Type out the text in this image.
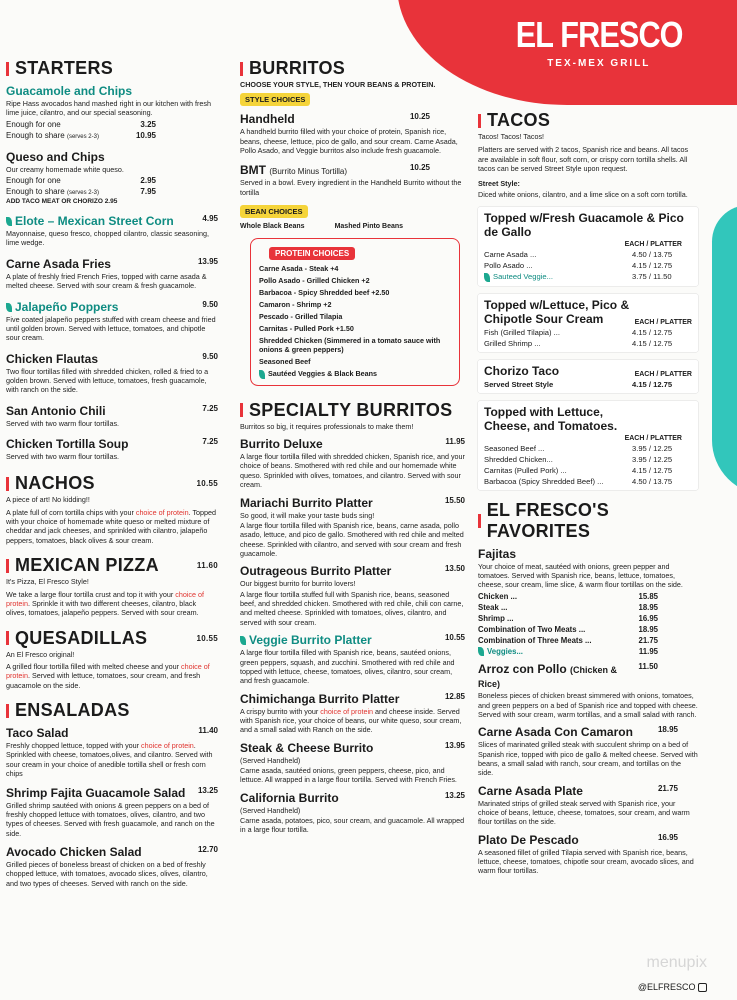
EL FRESCO
TEX-MEX GRILL
STARTERS
Guacamole and Chips
Ripe Hass avocados hand mashed right in our kitchen with fresh lime juice, cilantro, and our special seasoning.
Enough for one	3.25
Enough to share (serves 2-3)	10.95
Queso and Chips
Our creamy homemade white queso.
Enough for one	2.95
Enough to share (serves 2-3)	7.95
ADD TACO MEAT OR CHORIZO 2.95
Elote – Mexican Street Corn	4.95
Mayonnaise, queso fresco, chopped cilantro, classic seasoning, lime wedge.
Carne Asada Fries	13.95
A plate of freshly fried French Fries, topped with carne asada & melted cheese. Served with sour cream & fresh guacamole.
Jalapeño Poppers	9.50
Five coated jalapeño peppers stuffed with cream cheese and fried until golden brown. Served with lettuce, tomatoes, and chipotle sour cream.
Chicken Flautas	9.50
Two flour tortillas filled with shredded chicken, rolled & fried to a golden brown. Served with lettuce, tomatoes, fresh guacamole, with ranch on the side.
San Antonio Chili	7.25
Served with two warm flour tortillas.
Chicken Tortilla Soup	7.25
Served with two warm flour tortillas.
NACHOS	10.55
A piece of art! No kidding!!
A plate full of corn tortilla chips with your choice of protein. Topped with your choice of homemade white queso or melted mixture of cheddar and jack cheeses, and sprinkled with cilantro, jalapeño peppers, tomatoes, black olives & sour cream.
MEXICAN PIZZA	11.60
It's Pizza, El Fresco Style!
We take a large flour tortilla crust and top it with your choice of protein. Sprinkle it with two different cheeses, cilantro, black olives, tomatoes, jalapeño peppers. Served with sour cream.
QUESADILLAS	10.55
An El Fresco original!
A grilled flour tortilla filled with melted cheese and your choice of protein. Served with lettuce, tomatoes, sour cream, and fresh guacamole on the side.
ENSALADAS
Taco Salad	11.40
Freshly chopped lettuce, topped with your choice of protein. Sprinkled with cheese, tomatoes,olives, and cilantro. Served with sour cream in your choice of anedible tortilla shell or fresh corn chips
Shrimp Fajita Guacamole Salad 13.25
Grilled shrimp sautéed with onions & green peppers on a bed of freshly chopped lettuce with tomatoes, olives, cilantro, and two types of cheeses. Served with fresh guacamole, and ranch on the side.
Avocado Chicken Salad	12.70
Grilled pieces of boneless breast of chicken on a bed of freshly chopped lettuce, with tomatoes, avocado slices, olives, cilantro, and two types of cheeses. Served with ranch on the side.
BURRITOS
CHOOSE YOUR STYLE, THEN YOUR BEANS & PROTEIN.
STYLE CHOICES
Handheld	10.25
A handheld burrito filled with your choice of protein, Spanish rice, beans, cheese, lettuce, pico de gallo, and sour cream. Carne Asada, Pollo Asado, and Veggie burritos also include fresh guacamole.
BMT (Burrito Minus Tortilla)	10.25
Served in a bowl. Every ingredient in the Handheld Burrito without the tortilla
BEAN CHOICES
Whole Black Beans	Mashed Pinto Beans
PROTEIN CHOICES
Carne Asada - Steak +4
Pollo Asado - Grilled Chicken +2
Barbacoa - Spicy Shredded beef +2.50
Camaron - Shrimp +2
Pescado - Grilled Tilapia
Carnitas - Pulled Pork +1.50
Shredded Chicken (Simmered in a tomato sauce with onions & green peppers)
Seasoned Beef
Sautéed Veggies & Black Beans
SPECIALTY BURRITOS
Burritos so big, it requires professionals to make them!
Burrito Deluxe	11.95
A large flour tortilla filled with shredded chicken, Spanish rice, and your choice of beans. Smothered with red chile and our homemade white queso. Sprinkled with olives, tomatoes, and cilantro. Served with sour cream.
Mariachi Burrito Platter	15.50
So good, it will make your taste buds sing!
A large flour tortilla filled with Spanish rice, beans, carne asada, pollo asado, lettuce, and pico de gallo. Smothered with red chile and melted cheese. Sprinkled with cilantro, and served with sour cream and fresh guacamole.
Outrageous Burrito Platter	13.50
Our biggest burrito for burrito lovers!
A large flour tortilla stuffed full with Spanish rice, beans, seasoned beef, and shredded chicken. Smothered with red chile, chili con carne, and melted cheese. Sprinkled with tomatoes, olives, cilantro, and served with sour cream.
Veggie Burrito Platter	10.55
A large flour tortilla filled with Spanish rice, beans, sautéed onions, green peppers, squash, and zucchini. Smothered with red chile and topped with lettuce, cheese, tomatoes, olives, cilantro, sour cream, and fresh guacamole.
Chimichanga Burrito Platter	12.85
A crispy burrito with your choice of protein and cheese inside. Served with Spanish rice, your choice of beans, our white queso, sour cream, and a small salad with Ranch on the side.
Steak & Cheese Burrito	13.95
(Served Handheld)
Carne asada, sautéed onions, green peppers, cheese, pico, and lettuce. All wrapped in a large flour tortilla. Served with French Fries.
California Burrito	13.25
(Served Handheld)
Carne asada, potatoes, pico, sour cream, and guacamole. All wrapped in a large flour tortilla.
TACOS
Tacos! Tacos! Tacos!
Platters are served with 2 tacos, Spanish rice and beans. All tacos are available in soft flour, soft corn, or crispy corn tortilla shells. All tacos can be served Street Style upon request.
Street Style:
Diced white onions, cilantro, and a lime slice on a soft corn tortilla.
Topped w/Fresh Guacamole & Pico de Gallo
EACH / PLATTER
Carne Asada ...	4.50 / 13.75
Pollo Asado ...	4.15 / 12.75
Sauteed Veggie...	3.75 / 11.50
Topped w/Lettuce, Pico & Chipotle Sour Cream	EACH / PLATTER
Fish (Grilled Tilapia) ...	4.15 / 12.75
Grilled Shrimp ...	4.15 / 12.75
Chorizo Taco	EACH / PLATTER
Served Street Style	4.15 / 12.75
Topped with Lettuce, Cheese, and Tomatoes.
EACH / PLATTER
Seasoned Beef ...	3.95 / 12.25
Shredded Chicken...	3.95 / 12.25
Carnitas (Pulled Pork) ...	4.15 / 12.75
Barbacoa (Spicy Shredded Beef) ...	4.50 / 13.75
EL FRESCO'S FAVORITES
Fajitas
Your choice of meat, sautéed with onions, green pepper and tomatoes. Served with Spanish rice, beans, lettuce, tomatoes, cheese, sour cream, lime slice, & warm flour tortillas on the side.
Chicken ...	15.85
Steak ...	18.95
Shrimp ...	16.95
Combination of Two Meats ...	18.95
Combination of Three Meats ...	21.75
Veggies...	11.95
Arroz con Pollo (Chicken & Rice)
11.50
Boneless pieces of chicken breast simmered with onions, tomatoes, and green peppers on a bed of Spanish rice and topped with cheese. Served with sour cream, warm tortillas, and a small salad with ranch.
Carne Asada Con Camaron	18.95
Slices of marinated grilled steak with succulent shrimp on a bed of Spanish rice, topped with pico de gallo & melted cheese. Served with beans, a small salad with ranch, sour cream, and tortillas on the side.
Carne Asada Plate	21.75
Marinated strips of grilled steak served with Spanish rice, your choice of beans, lettuce, cheese, tomatoes, sour cream, and warm flour tortillas on the side.
Plato De Pescado	16.95
A seasoned fillet of grilled Tilapia served with Spanish rice, beans, lettuce, cheese, tomatoes, chipotle sour cream, avocado slices, and warm flour tortillas.
menupix
@ELFRESCO
